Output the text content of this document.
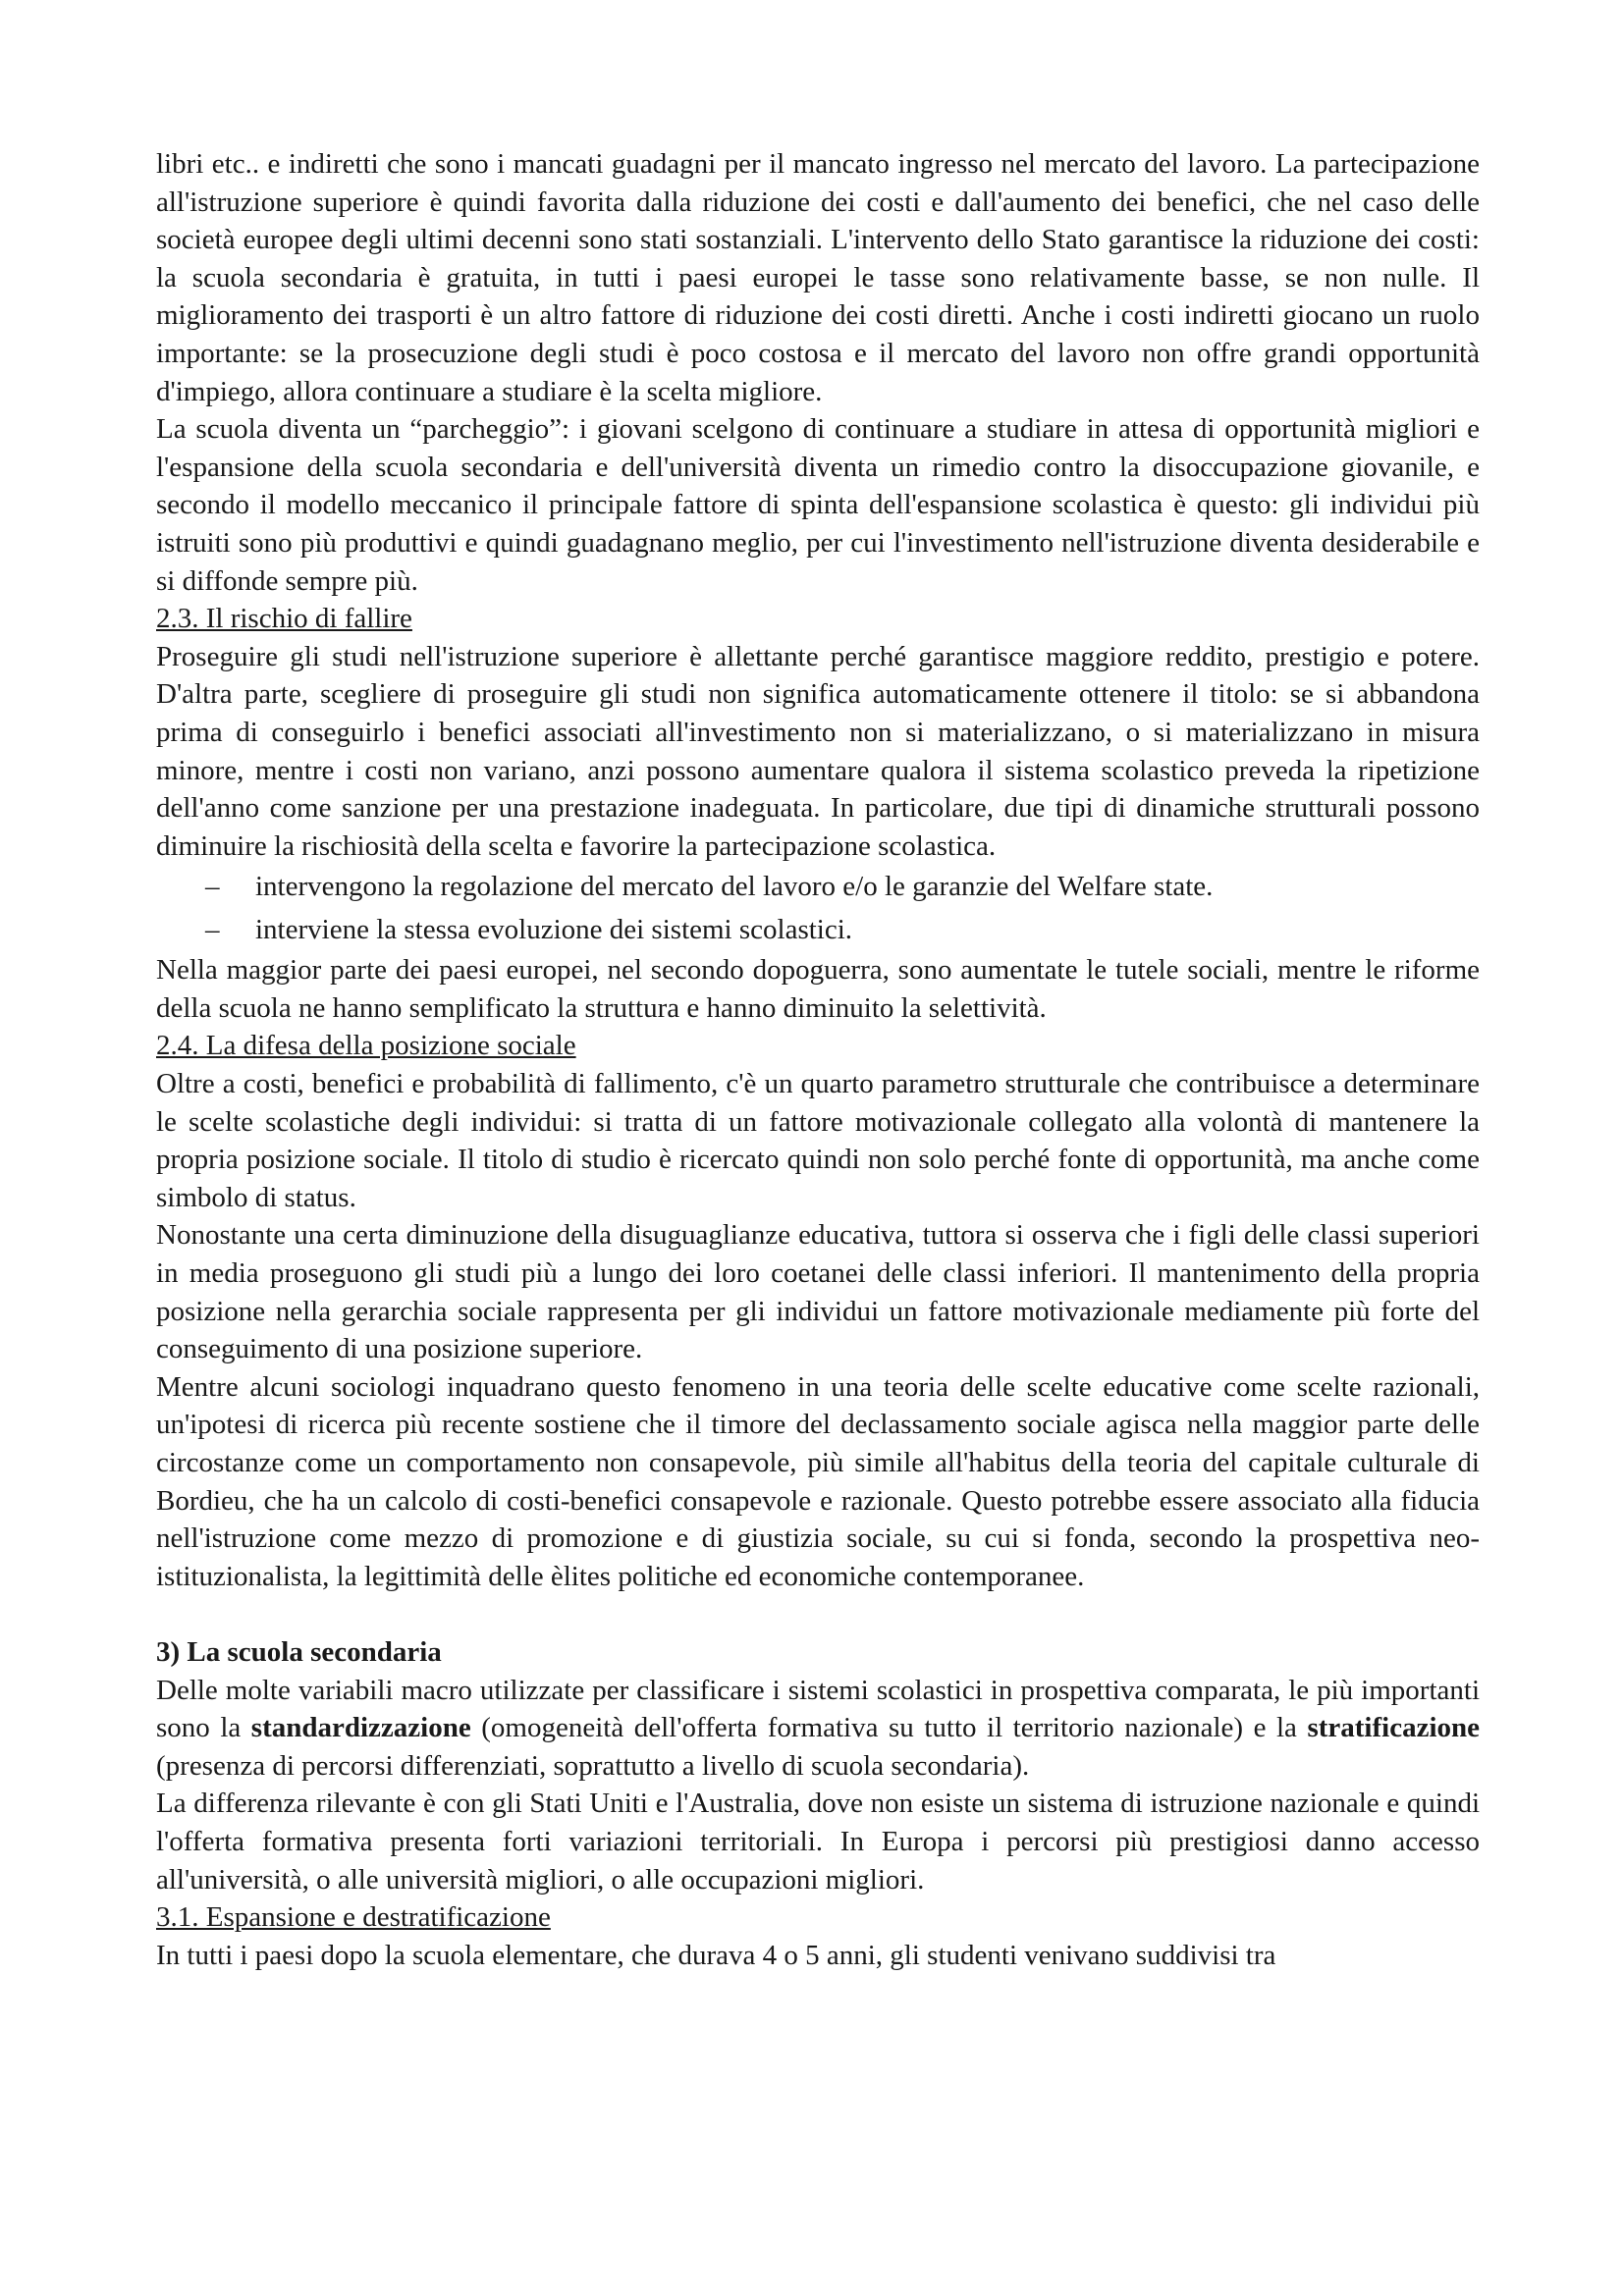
libri etc.. e indiretti che sono i mancati guadagni per il mancato ingresso nel mercato del lavoro. La partecipazione all'istruzione superiore è quindi favorita dalla riduzione dei costi e dall'aumento dei benefici, che nel caso delle società europee degli ultimi decenni sono stati sostanziali. L'intervento dello Stato garantisce la riduzione dei costi: la scuola secondaria è gratuita, in tutti i paesi europei le tasse sono relativamente basse, se non nulle. Il miglioramento dei trasporti è un altro fattore di riduzione dei costi diretti. Anche i costi indiretti giocano un ruolo importante: se la prosecuzione degli studi è poco costosa e il mercato del lavoro non offre grandi opportunità d'impiego, allora continuare a studiare è la scelta migliore.

La scuola diventa un “parcheggio”: i giovani scelgono di continuare a studiare in attesa di opportunità migliori e l'espansione della scuola secondaria e dell'università diventa un rimedio contro la disoccupazione giovanile, e secondo il modello meccanico il principale fattore di spinta dell'espansione scolastica è questo: gli individui più istruiti sono più produttivi e quindi guadagnano meglio, per cui l'investimento nell'istruzione diventa desiderabile e si diffonde sempre più.

2.3. Il rischio di fallire

Proseguire gli studi nell'istruzione superiore è allettante perché garantisce maggiore reddito, prestigio e potere. D'altra parte, scegliere di proseguire gli studi non significa automaticamente ottenere il titolo: se si abbandona prima di conseguirlo i benefici associati all'investimento non si materializzano, o si materializzano in misura minore, mentre i costi non variano, anzi possono aumentare qualora il sistema scolastico preveda la ripetizione dell'anno come sanzione per una prestazione inadeguata. In particolare, due tipi di dinamiche strutturali possono diminuire la rischiosità della scelta e favorire la partecipazione scolastica.

– intervengono la regolazione del mercato del lavoro e/o le garanzie del Welfare state.
– interviene la stessa evoluzione dei sistemi scolastici.

Nella maggior parte dei paesi europei, nel secondo dopoguerra, sono aumentate le tutele sociali, mentre le riforme della scuola ne hanno semplificato la struttura e hanno diminuito la selettività.

2.4. La difesa della posizione sociale

Oltre a costi, benefici e probabilità di fallimento, c'è un quarto parametro strutturale che contribuisce a determinare le scelte scolastiche degli individui: si tratta di un fattore motivazionale collegato alla volontà di mantenere la propria posizione sociale. Il titolo di studio è ricercato quindi non solo perché fonte di opportunità, ma anche come simbolo di status.

Nonostante una certa diminuzione della disuguaglianze educativa, tuttora si osserva che i figli delle classi superiori in media proseguono gli studi più a lungo dei loro coetanei delle classi inferiori. Il mantenimento della propria posizione nella gerarchia sociale rappresenta per gli individui un fattore motivazionale mediamente più forte del conseguimento di una posizione superiore.

Mentre alcuni sociologi inquadrano questo fenomeno in una teoria delle scelte educative come scelte razionali, un'ipotesi di ricerca più recente sostiene che il timore del declassamento sociale agisca nella maggior parte delle circostanze come un comportamento non consapevole, più simile all'habitus della teoria del capitale culturale di Bordieu, che ha un calcolo di costi-benefici consapevole e razionale. Questo potrebbe essere associato alla fiducia nell'istruzione come mezzo di promozione e di giustizia sociale, su cui si fonda, secondo la prospettiva neo-istituzionalista, la legittimità delle èlites politiche ed economiche contemporanee.

3) La scuola secondaria

Delle molte variabili macro utilizzate per classificare i sistemi scolastici in prospettiva comparata, le più importanti sono la standardizzazione (omogeneità dell'offerta formativa su tutto il territorio nazionale) e la stratificazione (presenza di percorsi differenziati, soprattutto a livello di scuola secondaria).

La differenza rilevante è con gli Stati Uniti e l'Australia, dove non esiste un sistema di istruzione nazionale e quindi l'offerta formativa presenta forti variazioni territoriali. In Europa i percorsi più prestigiosi danno accesso all'università, o alle università migliori, o alle occupazioni migliori.

3.1. Espansione e destratificazione

In tutti i paesi dopo la scuola elementare, che durava 4 o 5 anni, gli studenti venivano suddivisi tra
